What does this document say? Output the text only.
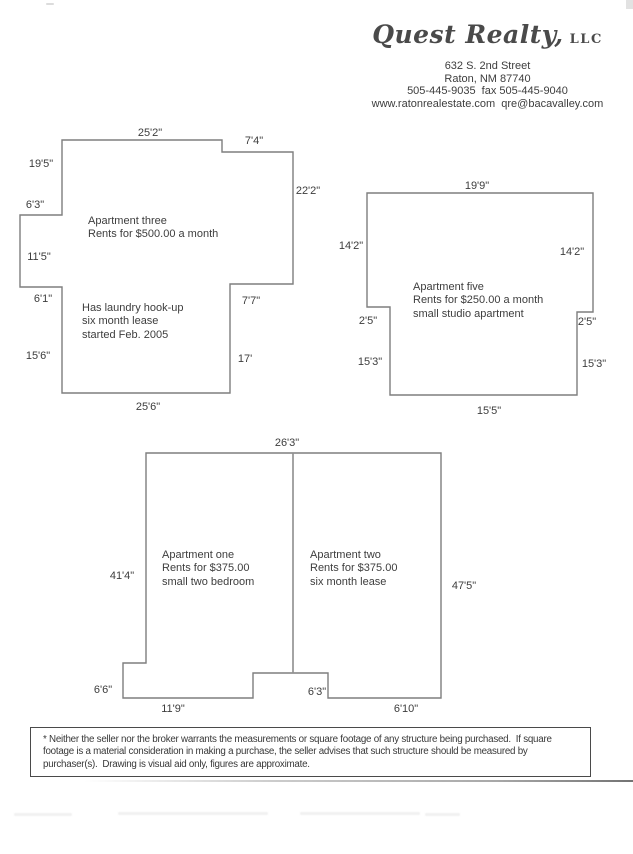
Quest Realty, LLC
632 S. 2nd Street
Raton, NM 87740
505-445-9035  fax 505-445-9040
www.ratonrealestate.com  qre@bacavalley.com
25'2"
7'4"
19'5"
22'2"
6'3"
11'5"
6'1"	7'7"
15'6"	17'
25'6"
Apartment three
Rents for $500.00 a month
Has laundry hook-up
six month lease
started Feb. 2005
19'9"
14'2"	14'2"
2'5"	2'5"
15'3"	15'3"
15'5"
Apartment five
Rents for $250.00 a month
small studio apartment
26'3"
41'4"
47'5"
6'6"
11'9"
6'3"
6'10"
Apartment one
Rents for $375.00
small two bedroom
Apartment two
Rents for $375.00
six month lease
* Neither the seller nor the broker warrants the measurements or square footage of any structure being purchased.  If square
footage is a material consideration in making a purchase, the seller advises that such structure should be measured by
purchaser(s).  Drawing is visual aid only, figures are approximate.
